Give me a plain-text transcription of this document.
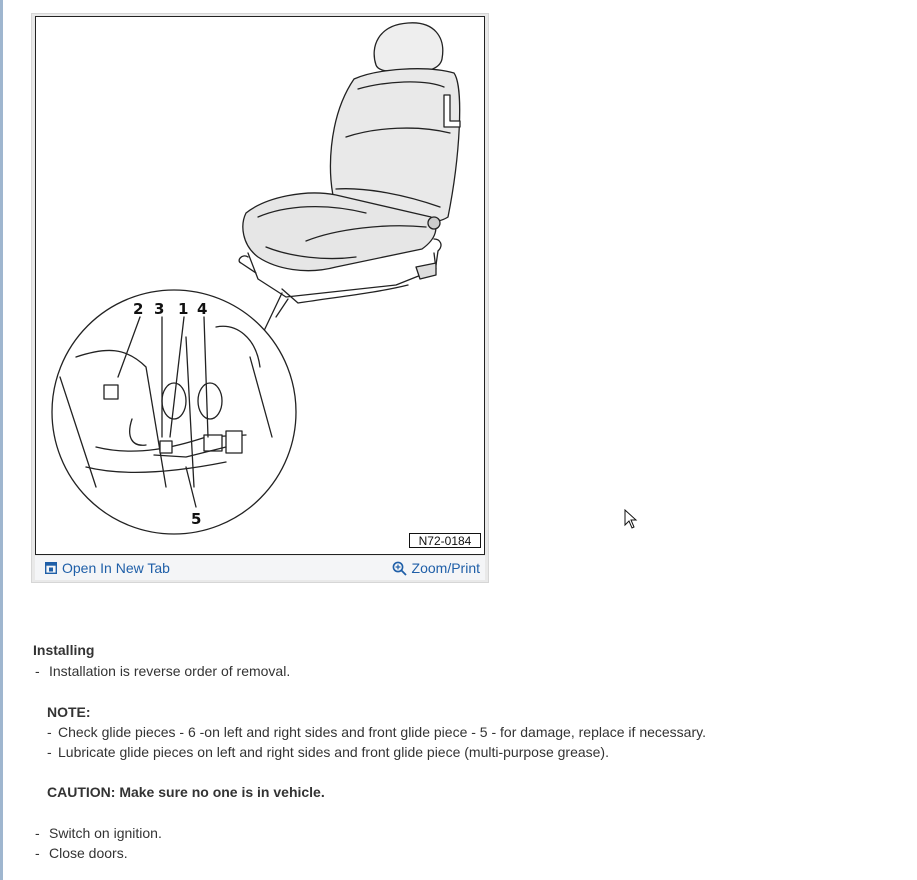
2 3 1 4
5
N72-0184
Open In New Tab	Zoom/Print
Installing
- Installation is reverse order of removal.
NOTE:
- Check glide pieces - 6 -on left and right sides and front glide piece - 5 - for damage, replace if necessary.
- Lubricate glide pieces on left and right sides and front glide piece (multi-purpose grease).
CAUTION: Make sure no one is in vehicle.
- Switch on ignition.
- Close doors.
